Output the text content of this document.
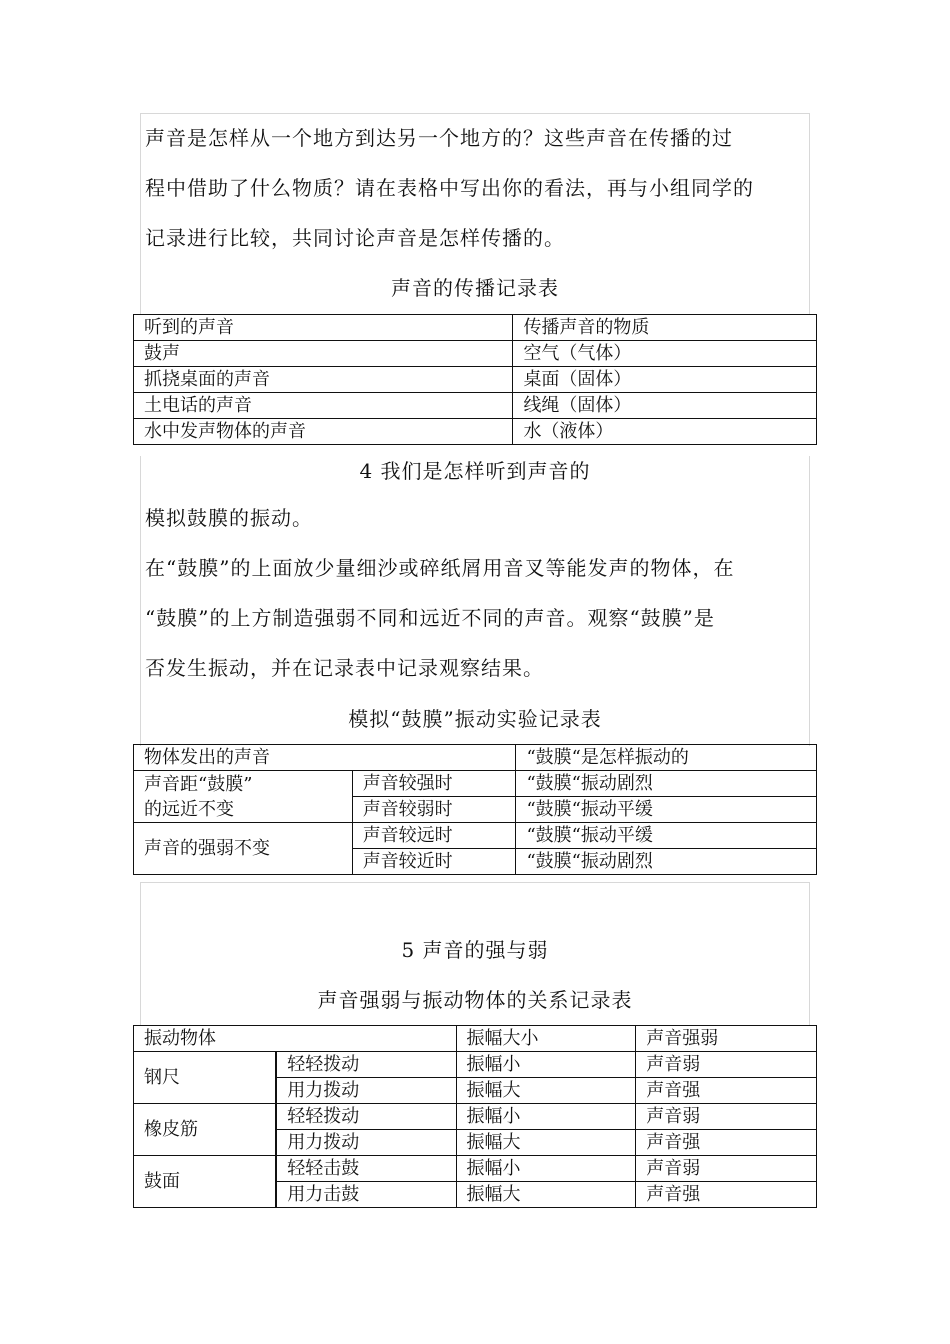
声音是怎样从一个地方到达另一个地方的？这些声音在传播的过
程中借助了什么物质？请在表格中写出你的看法，再与小组同学的
记录进行比较，共同讨论声音是怎样传播的。
声音的传播记录表
听到的声音	传播声音的物质
鼓声	空气（气体）
抓挠桌面的声音	桌面（固体）
土电话的声音	线绳（固体）
水中发声物体的声音	水（液体）
4 我们是怎样听到声音的
模拟鼓膜的振动。
在“鼓膜”的上面放少量细沙或碎纸屑用音叉等能发声的物体，在
“鼓膜”的上方制造强弱不同和远近不同的声音。观察“鼓膜”是
否发生振动，并在记录表中记录观察结果。
模拟“鼓膜”振动实验记录表
物体发出的声音		“鼓膜“是怎样振动的

声音距“鼓膜”
的远近不变	声音较强时	“鼓膜“振动剧烈
	声音较弱时	“鼓膜“振动平缓
声音的强弱不变	声音较远时	“鼓膜“振动平缓
	声音较近时	“鼓膜“振动剧烈
5 声音的强与弱
声音强弱与振动物体的关系记录表
振动物体		振幅大小	声音强弱
钢尺	轻轻拨动	振幅小	声音弱
	用力拨动	振幅大	声音强
橡皮筋	轻轻拨动	振幅小	声音弱
	用力拨动	振幅大	声音强
鼓面	轻轻击鼓	振幅小	声音弱
	用力击鼓	振幅大	声音强
